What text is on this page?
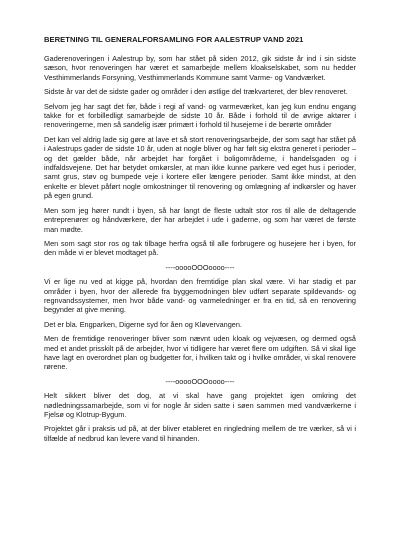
BERETNING TIL GENERALFORSAMLING FOR AALESTRUP VAND 2021

Gaderenoveringen i Aalestrup by, som har stået på siden 2012, gik sidste år ind i sin sidste sæson, hvor renoveringen har været et samarbejde mellem kloakselskabet, som nu hedder Vesthimmerlands Forsyning, Vesthimmerlands Kommune samt Varme- og Vandværket.

Sidste år var det de sidste gader og områder i den østlige del trækvarteret, der blev renoveret.

Selvom jeg har sagt det før, både i regi af vand- og varmeværket, kan jeg kun endnu engang takke for et forbilledligt samarbejde de sidste 10 år. Både i forhold til de øvrige aktører i renoveringerne, men så sandelig især primært i forhold til husejerne i de berørte områder

Det kan vel aldrig lade sig gøre at lave et så stort renoveringsarbejde, der som sagt har stået på i Aalestrups gader de sidste 10 år, uden at nogle bliver og har følt sig ekstra generet i perioder – og det gælder både, når arbejdet har forgået i boligområderne, i handelsgaden og i indfaldsvejene. Det har betydet omkørsler, at man ikke kunne parkere ved eget hus i perioder, samt grus, støv og bumpede veje i kortere eller længere perioder. Samt ikke mindst, at den enkelte er blevet påført nogle omkostninger til renovering og omlægning af indkørsler og haver på egen grund.

Men som jeg hører rundt i byen, så har langt de fleste udtalt stor ros til alle de deltagende entreprenører og håndværkere, der har arbejdet i ude i gaderne, og som har været de første man mødte.

Men som sagt stor ros og tak tilbage herfra også til alle forbrugere og husejere her i byen, for den måde vi er blevet modtaget på.

----ooooOOOoooo----

Vi er lige nu ved at kigge på, hvordan den fremtidige plan skal være. Vi har stadig et par områder i byen, hvor der allerede fra byggemodningen blev udført separate spildevands- og regnvandssystemer, men hvor både vand- og varmeledninger er fra en tid, så en renovering begynder at give mening.

Det er bla. Engparken, Digerne syd for åen og Kløvervangen.

Men de fremtidige renoveringer bliver som nævnt uden kloak og vejvæsen, og dermed også med et andet prisskilt på de arbejder, hvor vi tidligere har været flere om udgiften. Så vi skal lige have lagt en overordnet plan og budgetter for, i hvilken takt og i hvilke områder, vi skal renovere rørene.

----ooooOOOoooo----

Helt sikkert bliver det dog, at vi skal have gang projektet igen omkring det nødledningssamarbejde, som vi for nogle år siden satte i søen sammen med vandværkerne i Fjelsø og Klotrup-Bygum.

Projektet går i praksis ud på, at der bliver etableret en ringledning mellem de tre værker, så vi i tilfælde af nedbrud kan levere vand til hinanden.
